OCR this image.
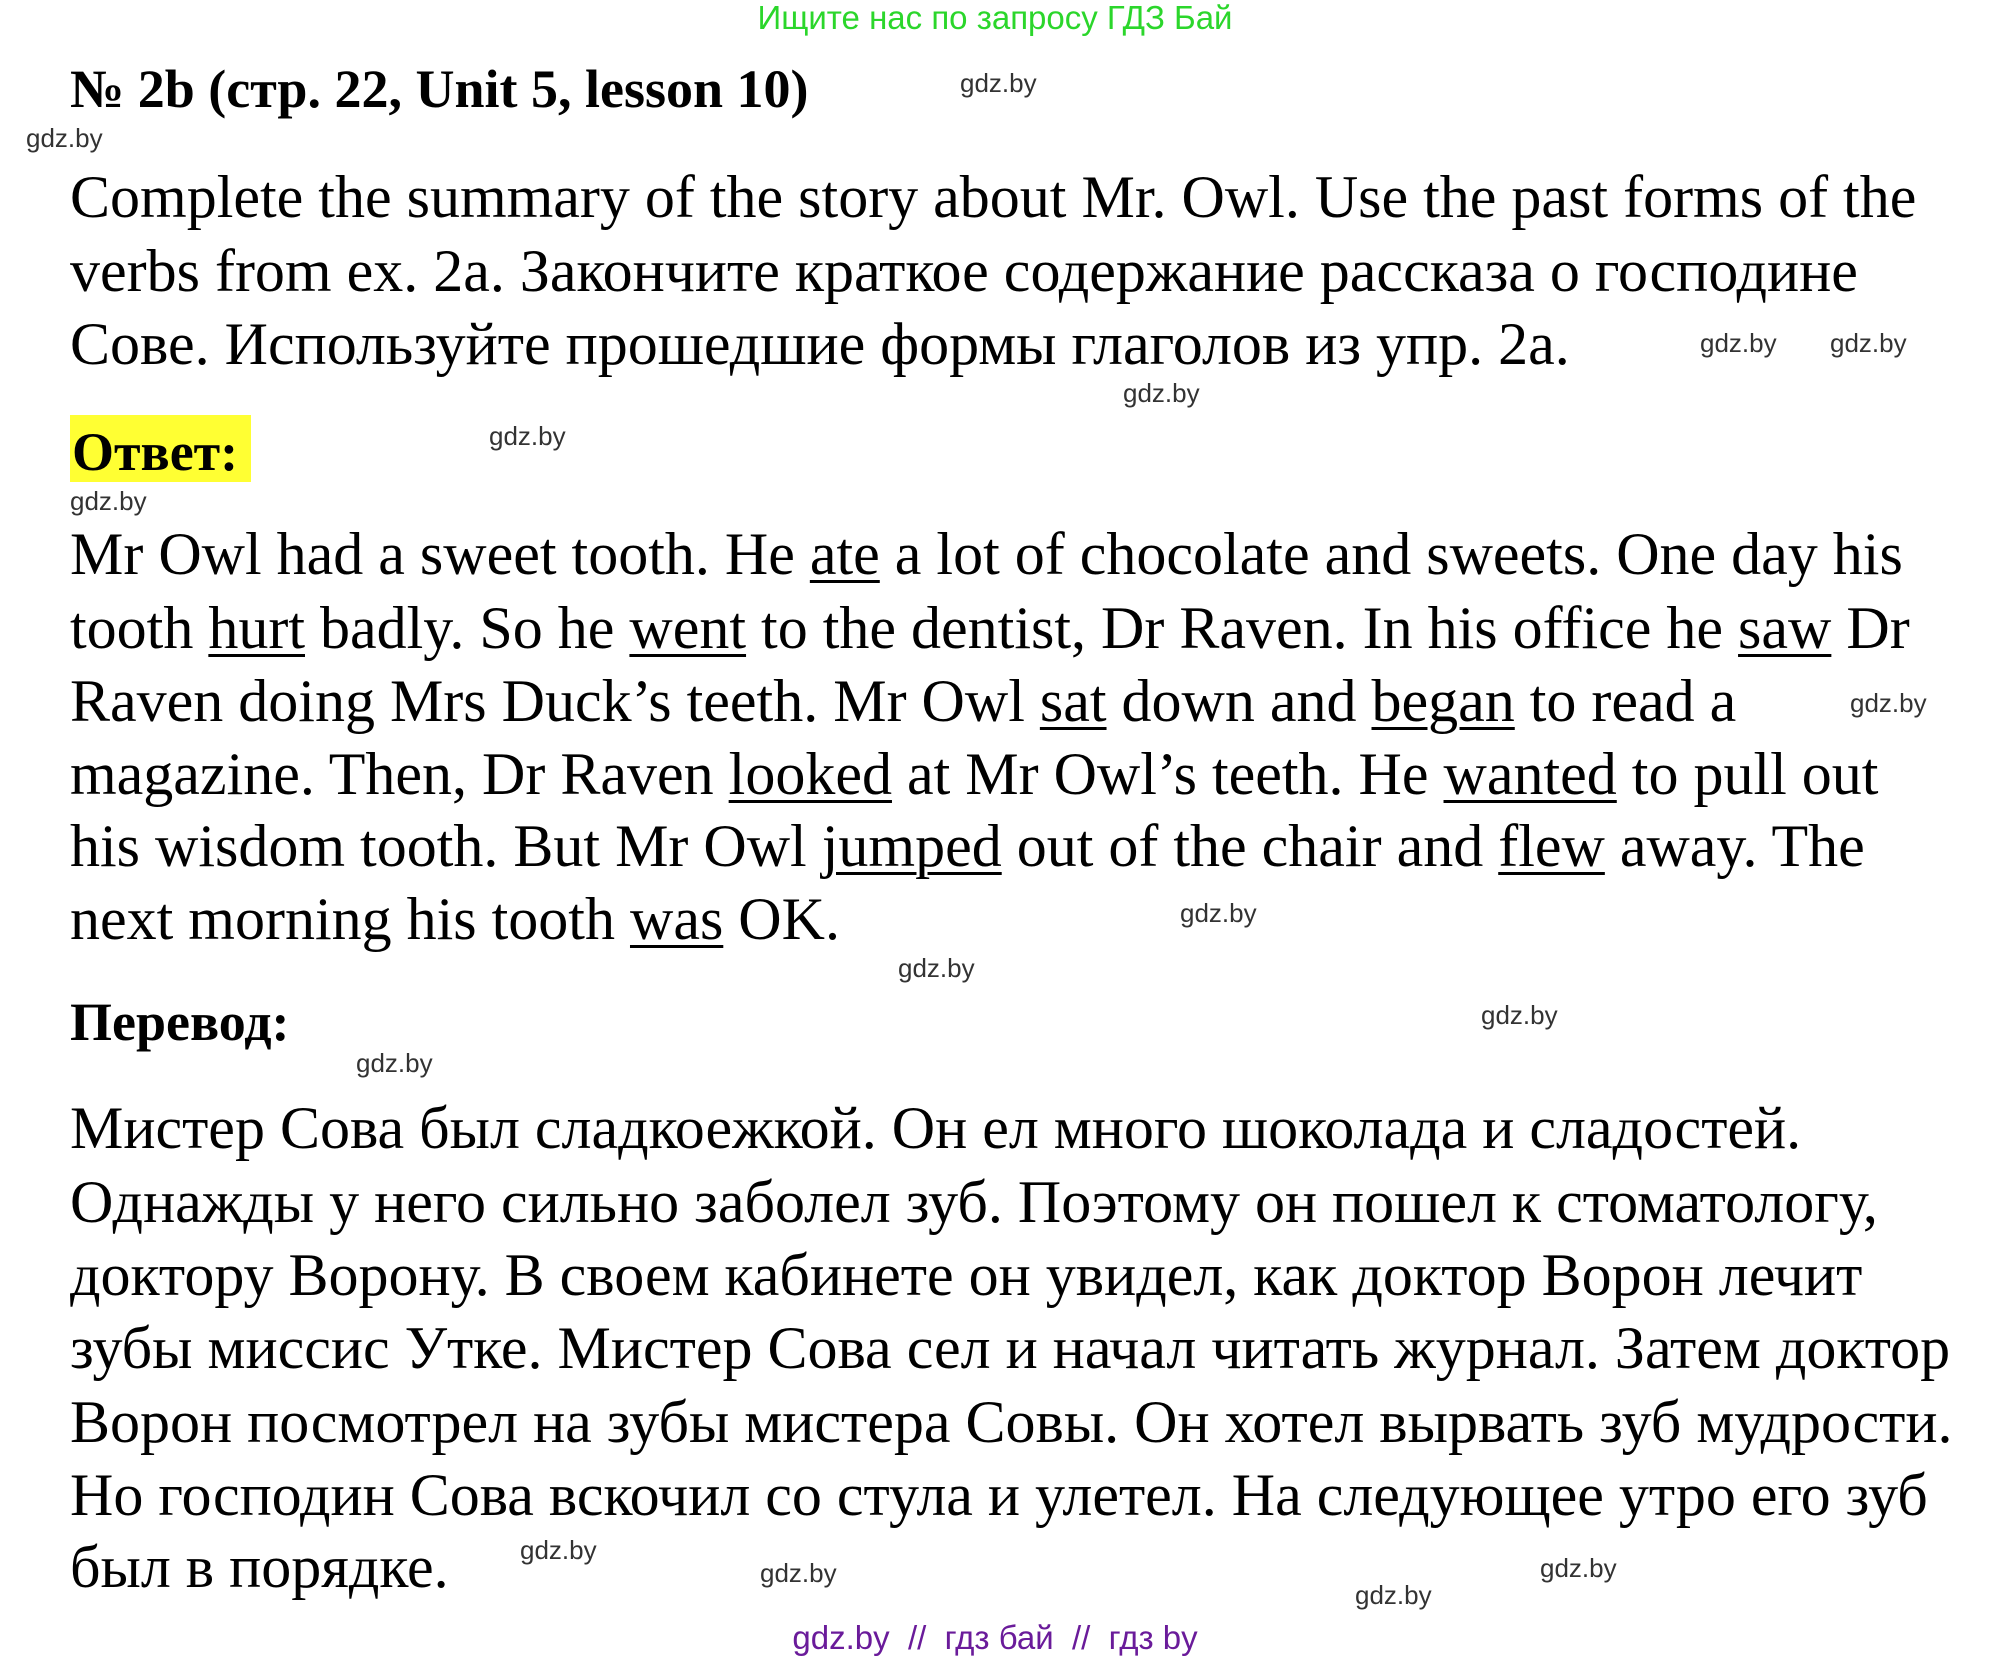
Ищите нас по запросу ГДЗ Бай
№ 2b (стр. 22, Unit 5, lesson 10)
Complete the summary of the story about Mr. Owl. Use the past forms of the
verbs from ex. 2a. Закончите краткое содержание рассказа о господине
Сове. Используйте прошедшие формы глаголов из упр. 2а.
Ответ:
Mr Owl had a sweet tooth. He ate a lot of chocolate and sweets. One day his
tooth hurt badly. So he went to the dentist, Dr Raven. In his office he saw Dr
Raven doing Mrs Duck’s teeth. Mr Owl sat down and began to read a
magazine. Then, Dr Raven looked at Mr Owl’s teeth. He wanted to pull out
his wisdom tooth. But Mr Owl jumped out of the chair and flew away. The
next morning his tooth was OK.
Перевод:
Мистер Сова был сладкоежкой. Он ел много шоколада и сладостей.
Однажды у него сильно заболел зуб. Поэтому он пошел к стоматологу,
доктору Ворону. В своем кабинете он увидел, как доктор Ворон лечит
зубы миссис Утке. Мистер Сова сел и начал читать журнал. Затем доктор
Ворон посмотрел на зубы мистера Совы. Он хотел вырвать зуб мудрости.
Но господин Сова вскочил со стула и улетел. На следующее утро его зуб
был в порядке.
gdz.by
gdz.by
gdz.by gdz.by
gdz.by
gdz.by
gdz.by
gdz.by
gdz.by
gdz.by
gdz.by
gdz.by
gdz.by
gdz.by
gdz.by
gdz.by
gdz.by  //  гдз бай  //  гдз by
